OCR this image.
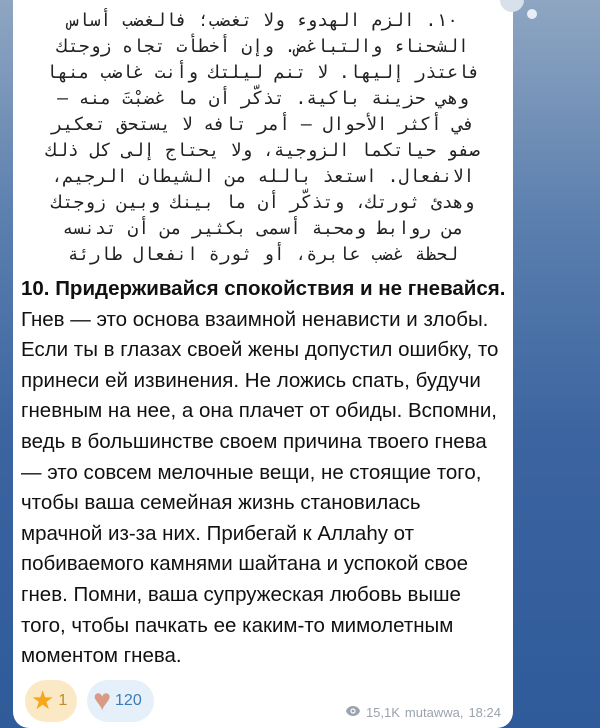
١٠. الزم الهدوء ولا تغضب؛ فالغضب أساس
الشحناء والتباغض. وإن أخطأت تجاه زوجتك
فاعتذر إليها. لا تنم ليلتك وأنت غاضب منها
وهي حزينة باكية. تذكّر أن ما غضبْتَ منه –
في أكثر الأحوال – أمر تافه لا يستحق تعكير
صفو حياتكما الزوجية، ولا يحتاج إلى كل ذلك
الانفعال. استعذ بالله من الشيطان الرجيم،
وهدئ ثورتك، وتذكّر أن ما بينك وبين زوجتك
من روابط ومحبة أسمى بكثير من أن تدنسه
لحظة غضب عابرة، أو ثورة انفعال طارئة
10. Придерживайся спокойствия и не гневайся. Гнев — это основа взаимной ненависти и злобы. Если ты в глазах своей жены допустил ошибку, то принеси ей извинения. Не ложись спать, будучи гневным на нее, а она плачет от обиды. Вспомни, ведь в большинстве своем причина твоего гнева — это совсем мелочные вещи, не стоящие того, чтобы ваша семейная жизнь становилась мрачной из-за них. Прибегай к Аллаhу от побиваемого камнями шайтана и успокой свое гнев. Помни, ваша супружеская любовь выше того, чтобы пачкать ее каким-то мимолетным моментом гнева.
★ 1 ♥ 120
15,1K mutawwa, 18:24
